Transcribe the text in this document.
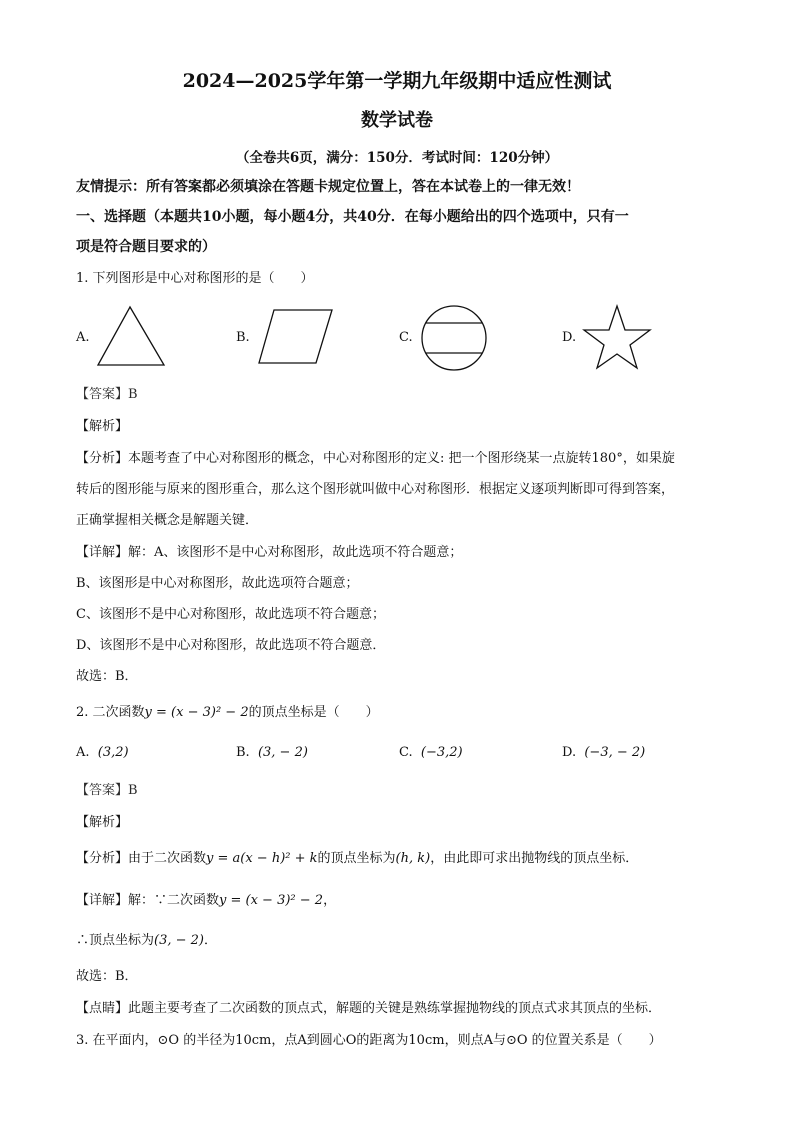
2024—2025学年第一学期九年级期中适应性测试
数学试卷
（全卷共6页，满分：150分．考试时间：120分钟）
友情提示：所有答案都必须填涂在答题卡规定位置上，答在本试卷上的一律无效！
一、选择题（本题共10小题，每小题4分，共40分．在每小题给出的四个选项中，只有一
项是符合题目要求的）
1. 下列图形是中心对称图形的是（　　）
A.	B.	C.	D.
【答案】B
【解析】
【分析】本题考查了中心对称图形的概念，中心对称图形的定义: 把一个图形绕某一点旋转180°，如果旋
转后的图形能与原来的图形重合，那么这个图形就叫做中心对称图形．根据定义逐项判断即可得到答案，
正确掌握相关概念是解题关键．
【详解】解：A、该图形不是中心对称图形，故此选项不符合题意；
B、该图形是中心对称图形，故此选项符合题意；
C、该图形不是中心对称图形，故此选项不符合题意；
D、该图形不是中心对称图形，故此选项不符合题意．
故选：B．
2. 二次函数y = (x − 3)² − 2的顶点坐标是（　　）
A. (3,2)	B. (3, − 2)	C. (−3,2)	D. (−3, − 2)
【答案】B
【解析】
【分析】由于二次函数y = a(x − h)² + k的顶点坐标为(h, k)，由此即可求出抛物线的顶点坐标．
【详解】解：∵二次函数y = (x − 3)² − 2，
∴顶点坐标为(3, − 2)．
故选：B．
【点睛】此题主要考查了二次函数的顶点式，解题的关键是熟练掌握抛物线的顶点式求其顶点的坐标．
3. 在平面内，⊙O 的半径为10cm，点A到圆心O的距离为10cm，则点A与⊙O 的位置关系是（　　）
